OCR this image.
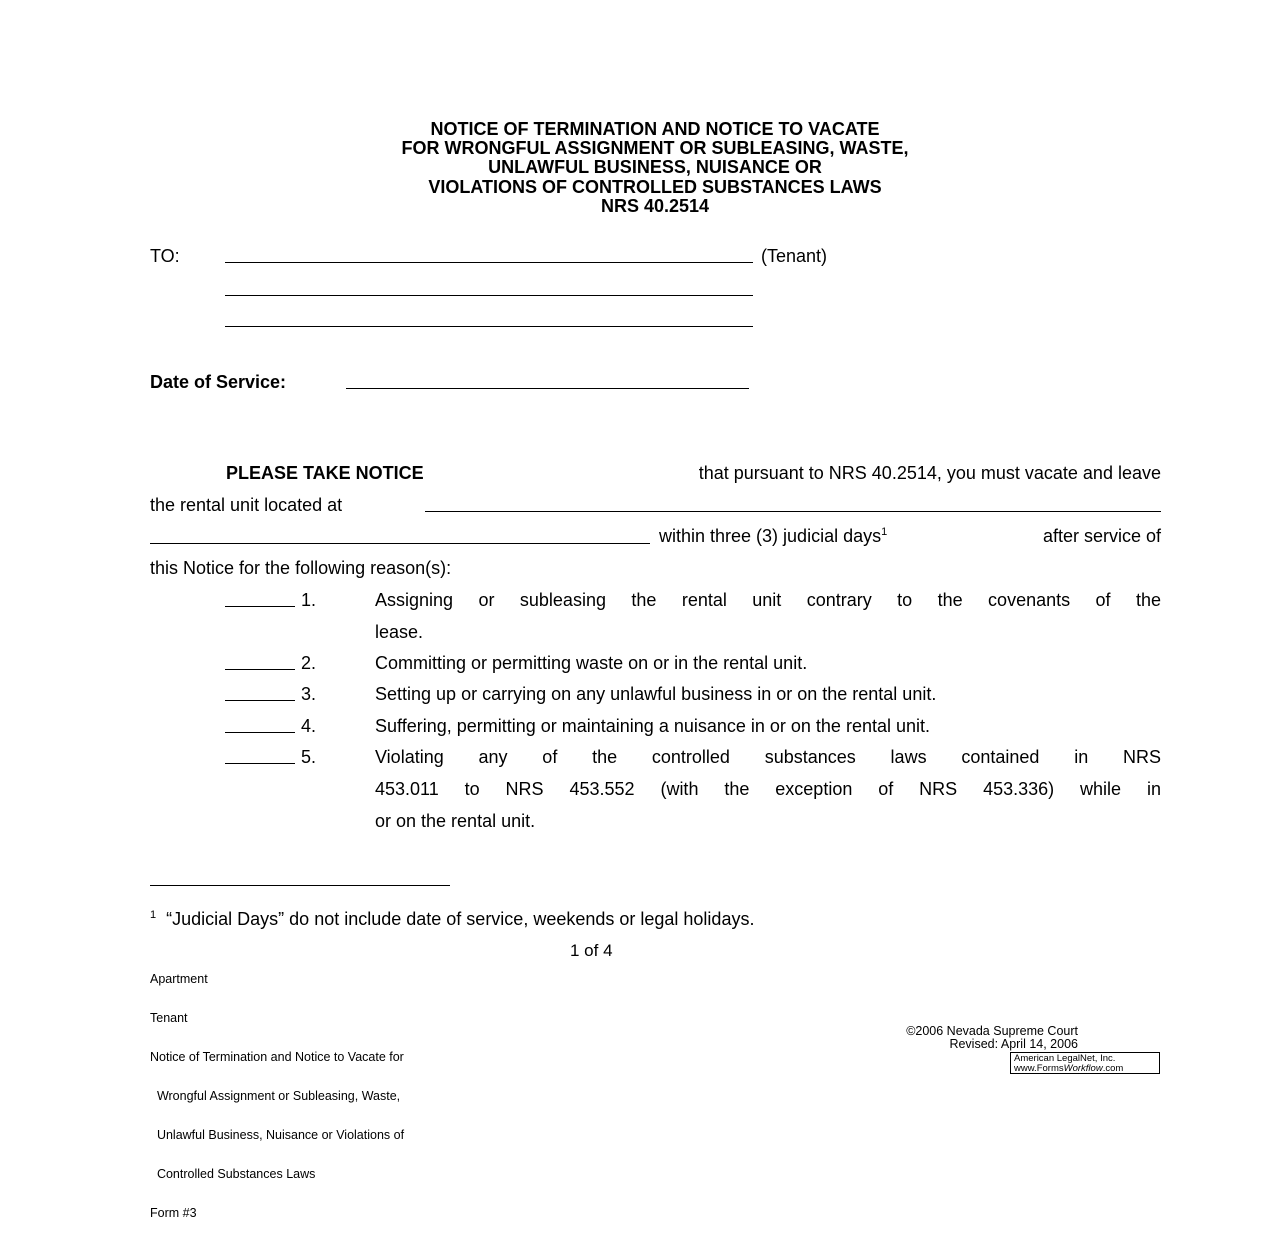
NOTICE OF TERMINATION AND NOTICE TO VACATE
FOR WRONGFUL ASSIGNMENT OR SUBLEASING, WASTE,
UNLAWFUL BUSINESS, NUISANCE OR
VIOLATIONS OF CONTROLLED SUBSTANCES LAWS
NRS 40.2514
TO:	(Tenant)
Date of Service:
PLEASE TAKE NOTICE	that pursuant to NRS 40.2514, you must vacate and leave
the rental unit located at
within three (3) judicial days$^1$	after service of
this Notice for the following reason(s):
1.	Assigning or subleasing the rental unit contrary to the covenants of the
lease.
2.	Committing or permitting waste on or in the rental unit.
3.	Setting up or carrying on any unlawful business in or on the rental unit.
4.	Suffering, permitting or maintaining a nuisance in or on the rental unit.
5.	Violating any of the controlled substances laws contained in NRS
453.011 to NRS 453.552 (with the exception of NRS 453.336) while in
or on the rental unit.
$^1$ “Judicial Days” do not include date of service, weekends or legal holidays.

Apartment

Tenant

Notice of Termination and Notice to Vacate for

Wrongful Assignment or Subleasing, Waste,

Unlawful Business, Nuisance or Violations of

Controlled Substances Laws

Form #3

1 of 4
©2006 Nevada Supreme Court
Revised: April 14, 2006
American LegalNet, Inc.
www.FormsWorkflow.com
